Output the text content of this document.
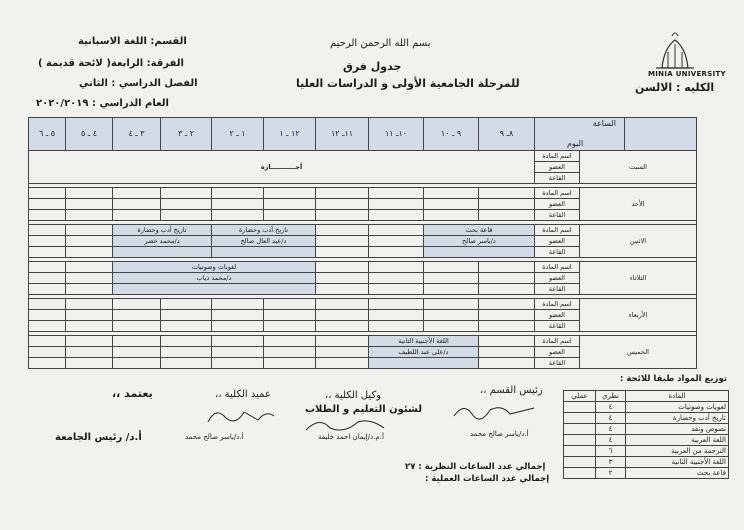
بسم الله الرحمن الرحيم
جدول فرق
للمرحلة الجامعية الأولى و الدراسات العليا
MINIA UNIVERSITY
الكليه : الالسن
القسم: اللغة الاسبانية
الفرقة: الرابعة( لائحة قديمة )
الفصل الدراسي : الثاني
العام الدراسي : ٢٠٢٠/٢٠١٩
٥ ـ ٦	٤ ـ ٥	٣ ـ ٤	٢ ـ ٣	١ ـ ٢	١٢ ـ ١	١١ـ ١٢	١٠ـ ١١	٩ ـ ١٠	٨ـ ٩	الساعة
اليوم		

أجـــــــــــازة										اسم المادة	السبت	
										العضو		
										القاعة		

										اسم المادة	الأحد	
										العضو		
										القاعة		

		تاريخ أدب وحضارة		تاريخ أدب وحضارة				قاعة بحث		اسم المادة	الاثنين	
		د/محمد خضر		د/عبد العال صالح				د/ياسر صالح		العضو		
										القاعة		

		لغويات وصوتيات								اسم المادة	الثلاثاء	
		د/محمد ذياب								العضو		
										القاعة		

										اسم المادة	الأربعاء	
										العضو		
										القاعة		

							اللغة الأجنبية الثانية			اسم المادة	الخميس	
							د/علي عبد اللطيف			العضو		
										القاعة		
توزيع المواد طبقا للائحة :
عملي	نظري	المادة
	٤	لغويات وصوتيات
	٤	تاريخ أدب وحضارة
	٤	نصوص ونقد
	٤	اللغة العربية
	٦	الترجمة من العربية
	٣	اللغة الأجنبية الثانية
	٢	قاعة بحث
رئيس القسم ،،
أ.د/ياسر صالح محمد
وكيل الكلية ،،
لشئون التعليم و الطلاب
أ.م.د/إيمان احمد خليفة
عميد الكلية ،،
أ.د/ياسر صالح محمد
يعتمد ،،
أ.د/ رئيس الجامعة
إجمالي عدد الساعات النظرية : ٢٧
إجمالي عدد الساعات العملية :
